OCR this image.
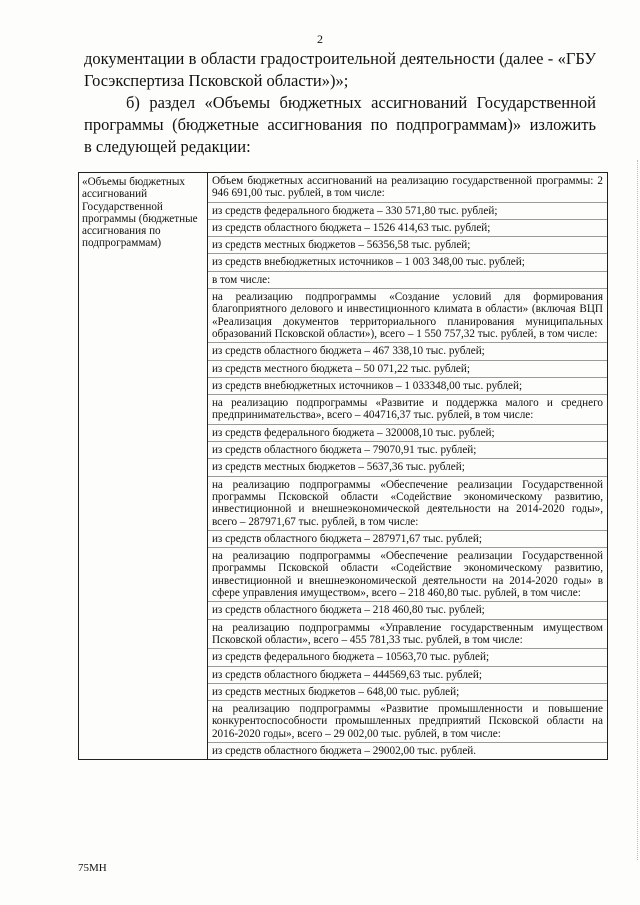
2

документации в области градостроительной деятельности (далее - «ГБУ
Госэкспертиза Псковской области»)»;

б) раздел «Объемы бюджетных ассигнований Государственной
программы (бюджетные ассигнования по подпрограммам)» изложить
в следующей редакции:

«Объемы бюджетных ассигнований Государственной программы (бюджетные ассигнования по подпрограммам)	
Объем бюджетных ассигнований на реализацию государственной программы: 2 946 691,00 тыс. рублей, в том числе:
из средств федерального бюджета – 330 571,80 тыс. рублей;
из средств областного бюджета – 1526 414,63 тыс. рублей;
из средств местных бюджетов – 56356,58 тыс. рублей;
из средств внебюджетных источников – 1 003 348,00 тыс. рублей;
в том числе:
на реализацию подпрограммы «Создание условий для формирования благоприятного делового и инвестиционного климата в области» (включая ВЦП «Реализация документов территориального планирования муниципальных образований Псковской области»), всего – 1 550 757,32 тыс. рублей, в том числе:
из средств областного бюджета – 467 338,10 тыс. рублей;
из средств местного бюджета – 50 071,22 тыс. рублей;
из средств внебюджетных источников – 1 033348,00 тыс. рублей;
на реализацию подпрограммы «Развитие и поддержка малого и среднего предпринимательства», всего – 404716,37 тыс. рублей, в том числе:
из средств федерального бюджета – 320008,10 тыс. рублей;
из средств областного бюджета – 79070,91 тыс. рублей;
из средств местных бюджетов – 5637,36 тыс. рублей;
на реализацию подпрограммы «Обеспечение реализации Государственной программы Псковской области «Содействие экономическому развитию, инвестиционной и внешнеэкономической деятельности на 2014-2020 годы», всего – 287971,67 тыс. рублей, в том числе:
из средств областного бюджета – 287971,67 тыс. рублей;
на реализацию подпрограммы «Обеспечение реализации Государственной программы Псковской области «Содействие экономическому развитию, инвестиционной и внешнеэкономической деятельности на 2014-2020 годы» в сфере управления имуществом», всего – 218 460,80 тыс. рублей, в том числе:
из средств областного бюджета – 218 460,80 тыс. рублей;
на реализацию подпрограммы «Управление государственным имуществом Псковской области», всего – 455 781,33 тыс. рублей, в том числе:
из средств федерального бюджета – 10563,70 тыс. рублей;
из средств областного бюджета – 444569,63 тыс. рублей;
из средств местных бюджетов – 648,00 тыс. рублей;
на реализацию подпрограммы «Развитие промышленности и повышение конкурентоспособности промышленных предприятий Псковской области на 2016-2020 годы», всего – 29 002,00 тыс. рублей, в том числе:
из средств областного бюджета – 29002,00 тыс. рублей.
75МН
